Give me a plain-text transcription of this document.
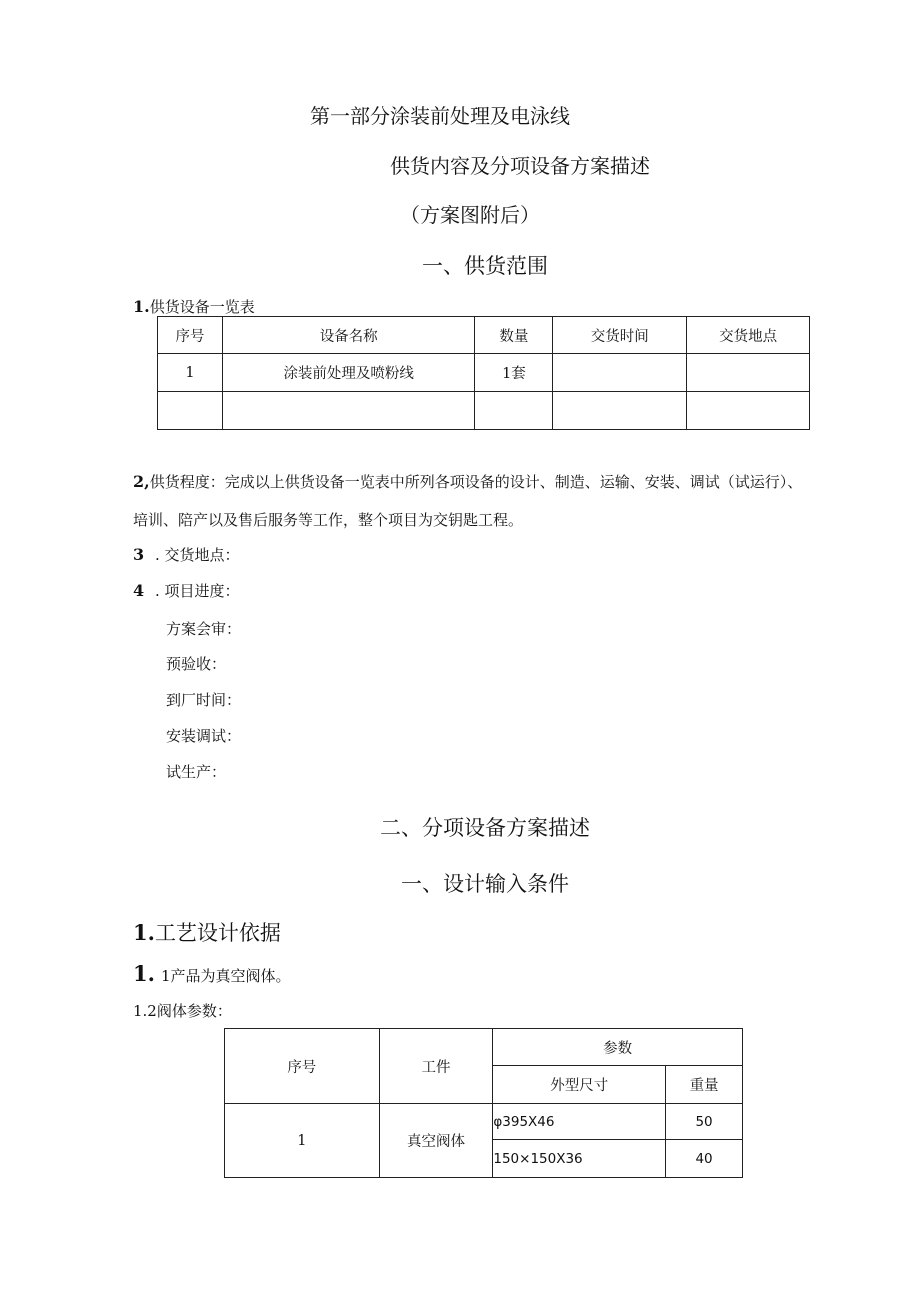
第一部分涂装前处理及电泳线
供货内容及分项设备方案描述
（方案图附后）
一、供货范围
1.供货设备一览表
序号	设备名称	数量	交货时间	交货地点
1	涂装前处理及喷粉线	1套		

2,供货程度：完成以上供货设备一览表中所列各项设备的设计、制造、运输、安装、调试（试运行）、
培训、陪产以及售后服务等工作，整个项目为交钥匙工程。
3 . 交货地点：
4 . 项目进度：
方案会审：
预验收：
到厂时间：
安装调试：
试生产：
二、分项设备方案描述
一、设计输入条件
1.工艺设计依据
1. 1产品为真空阀体。
1.2阀体参数：
序号	工件	参数	
		外型尺寸	重量
1	真空阀体	φ395X46	50
		150×150X36	40
